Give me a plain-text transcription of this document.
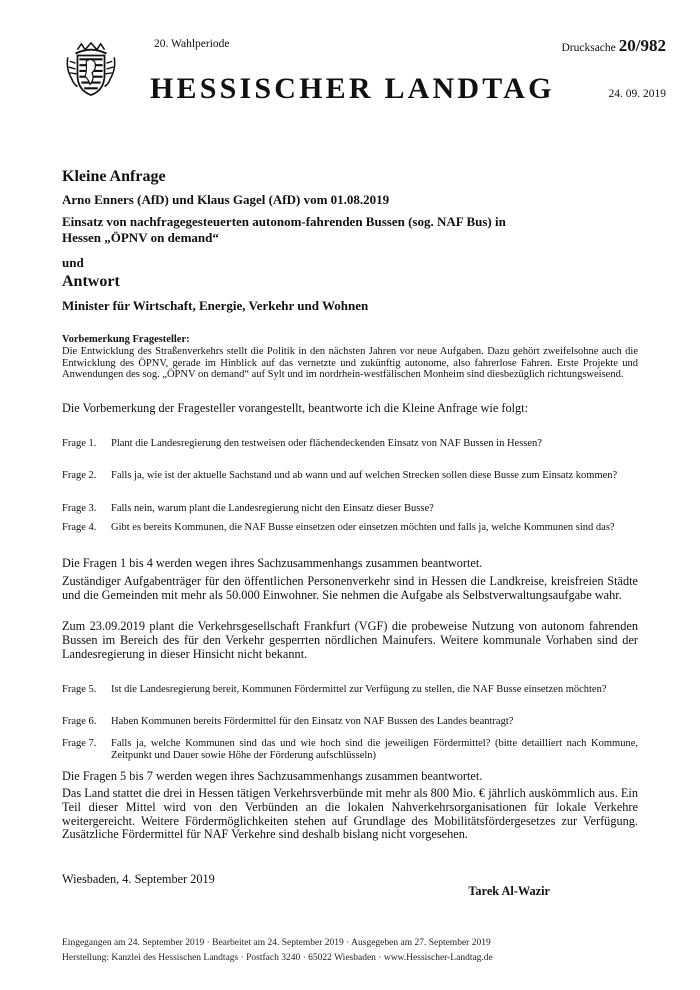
20. Wahlperiode
HESSISCHER LANDTAG
Drucksache 20/982
24. 09. 2019
Kleine Anfrage
Arno Enners (AfD) und Klaus Gagel (AfD) vom 01.08.2019
Einsatz von nachfragegesteuerten autonom-fahrenden Bussen (sog. NAF Bus) in Hessen „ÖPNV on demand“
und
Antwort
Minister für Wirtschaft, Energie, Verkehr und Wohnen
Vorbemerkung Fragesteller:
Die Entwicklung des Straßenverkehrs stellt die Politik in den nächsten Jahren vor neue Aufgaben. Dazu gehört zweifelsohne auch die Entwicklung des ÖPNV, gerade im Hinblick auf das vernetzte und zukünftig autonome, also fahrerlose Fahren. Erste Projekte und Anwendungen des sog. „ÖPNV on demand“ auf Sylt und im nordrhein-westfälischen Monheim sind diesbezüglich richtungsweisend.
Die Vorbemerkung der Fragesteller vorangestellt, beantworte ich die Kleine Anfrage wie folgt:
Frage 1. Plant die Landesregierung den testweisen oder flächendeckenden Einsatz von NAF Bussen in Hessen?
Frage 2. Falls ja, wie ist der aktuelle Sachstand und ab wann und auf welchen Strecken sollen diese Busse zum Einsatz kommen?
Frage 3. Falls nein, warum plant die Landesregierung nicht den Einsatz dieser Busse?
Frage 4. Gibt es bereits Kommunen, die NAF Busse einsetzen oder einsetzen möchten und falls ja, welche Kommunen sind das?
Die Fragen 1 bis 4 werden wegen ihres Sachzusammenhangs zusammen beantwortet.
Zuständiger Aufgabenträger für den öffentlichen Personenverkehr sind in Hessen die Landkreise, kreisfreien Städte und die Gemeinden mit mehr als 50.000 Einwohner. Sie nehmen die Aufgabe als Selbstverwaltungsaufgabe wahr.
Zum 23.09.2019 plant die Verkehrsgesellschaft Frankfurt (VGF) die probeweise Nutzung von autonom fahrenden Bussen im Bereich des für den Verkehr gesperrten nördlichen Mainufers. Weitere kommunale Vorhaben sind der Landesregierung in dieser Hinsicht nicht bekannt.
Frage 5. Ist die Landesregierung bereit, Kommunen Fördermittel zur Verfügung zu stellen, die NAF Busse einsetzen möchten?
Frage 6. Haben Kommunen bereits Fördermittel für den Einsatz von NAF Bussen des Landes beantragt?
Frage 7. Falls ja, welche Kommunen sind das und wie hoch sind die jeweiligen Fördermittel? (bitte detailliert nach Kommune, Zeitpunkt und Dauer sowie Höhe der Förderung aufschlüsseln)
Die Fragen 5 bis 7 werden wegen ihres Sachzusammenhangs zusammen beantwortet.
Das Land stattet die drei in Hessen tätigen Verkehrsverbünde mit mehr als 800 Mio. € jährlich auskömmlich aus. Ein Teil dieser Mittel wird von den Verbünden an die lokalen Nahverkehrsorganisationen für lokale Verkehre weitergereicht. Weitere Fördermöglichkeiten stehen auf Grundlage des Mobilitätsfördergesetzes zur Verfügung. Zusätzliche Fördermittel für NAF Verkehre sind deshalb bislang nicht vorgesehen.
Wiesbaden, 4. September 2019
Tarek Al-Wazir
Eingegangen am 24. September 2019 · Bearbeitet am 24. September 2019 · Ausgegeben am 27. September 2019
Herstellung: Kanzlei des Hessischen Landtags · Postfach 3240 · 65022 Wiesbaden · www.Hessischer-Landtag.de
